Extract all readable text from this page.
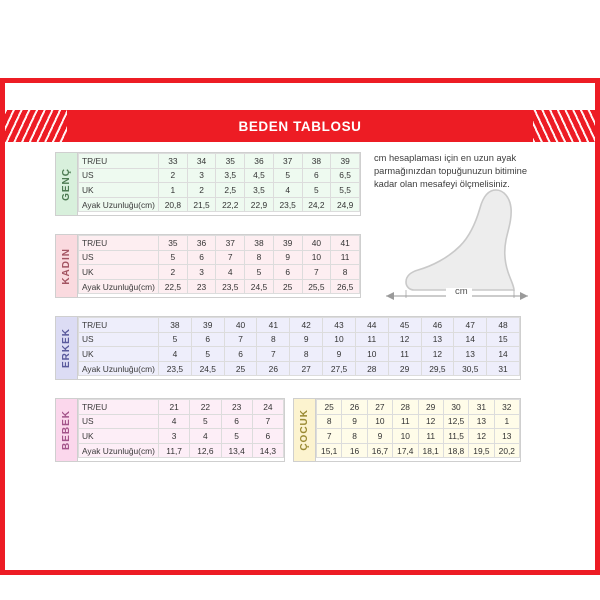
BEDEN TABLOSU
GENÇ
TR/EU	33	34	35	36	37	38	39
US	2	3	3,5	4,5	5	6	6,5
UK	1	2	2,5	3,5	4	5	5,5
Ayak Uzunluğu(cm)	20,8	21,5	22,2	22,9	23,5	24,2	24,9
KADIN
TR/EU	35	36	37	38	39	40	41
US	5	6	7	8	9	10	11
UK	2	3	4	5	6	7	8
Ayak Uzunluğu(cm)	22,5	23	23,5	24,5	25	25,5	26,5
ERKEK
TR/EU	38	39	40	41	42	43	44	45	46	47	48
US	5	6	7	8	9	10	11	12	13	14	15
UK	4	5	6	7	8	9	10	11	12	13	14
Ayak Uzunluğu(cm)	23,5	24,5	25	26	27	27,5	28	29	29,5	30,5	31
BEBEK
TR/EU	21	22	23	24
US	4	5	6	7
UK	3	4	5	6
Ayak Uzunluğu(cm)	11,7	12,6	13,4	14,3 ÇOCUK
25	26	27	28	29	30	31	32
8	9	10	11	12	12,5	13	1
7	8	9	10	11	11,5	12	13
15,1	16	16,7	17,4	18,1	18,8	19,5	20,2
cm hesaplaması için en uzun ayak parmağınızdan topuğunuzun bitimine kadar olan mesafeyi ölçmelisiniz.
cm
